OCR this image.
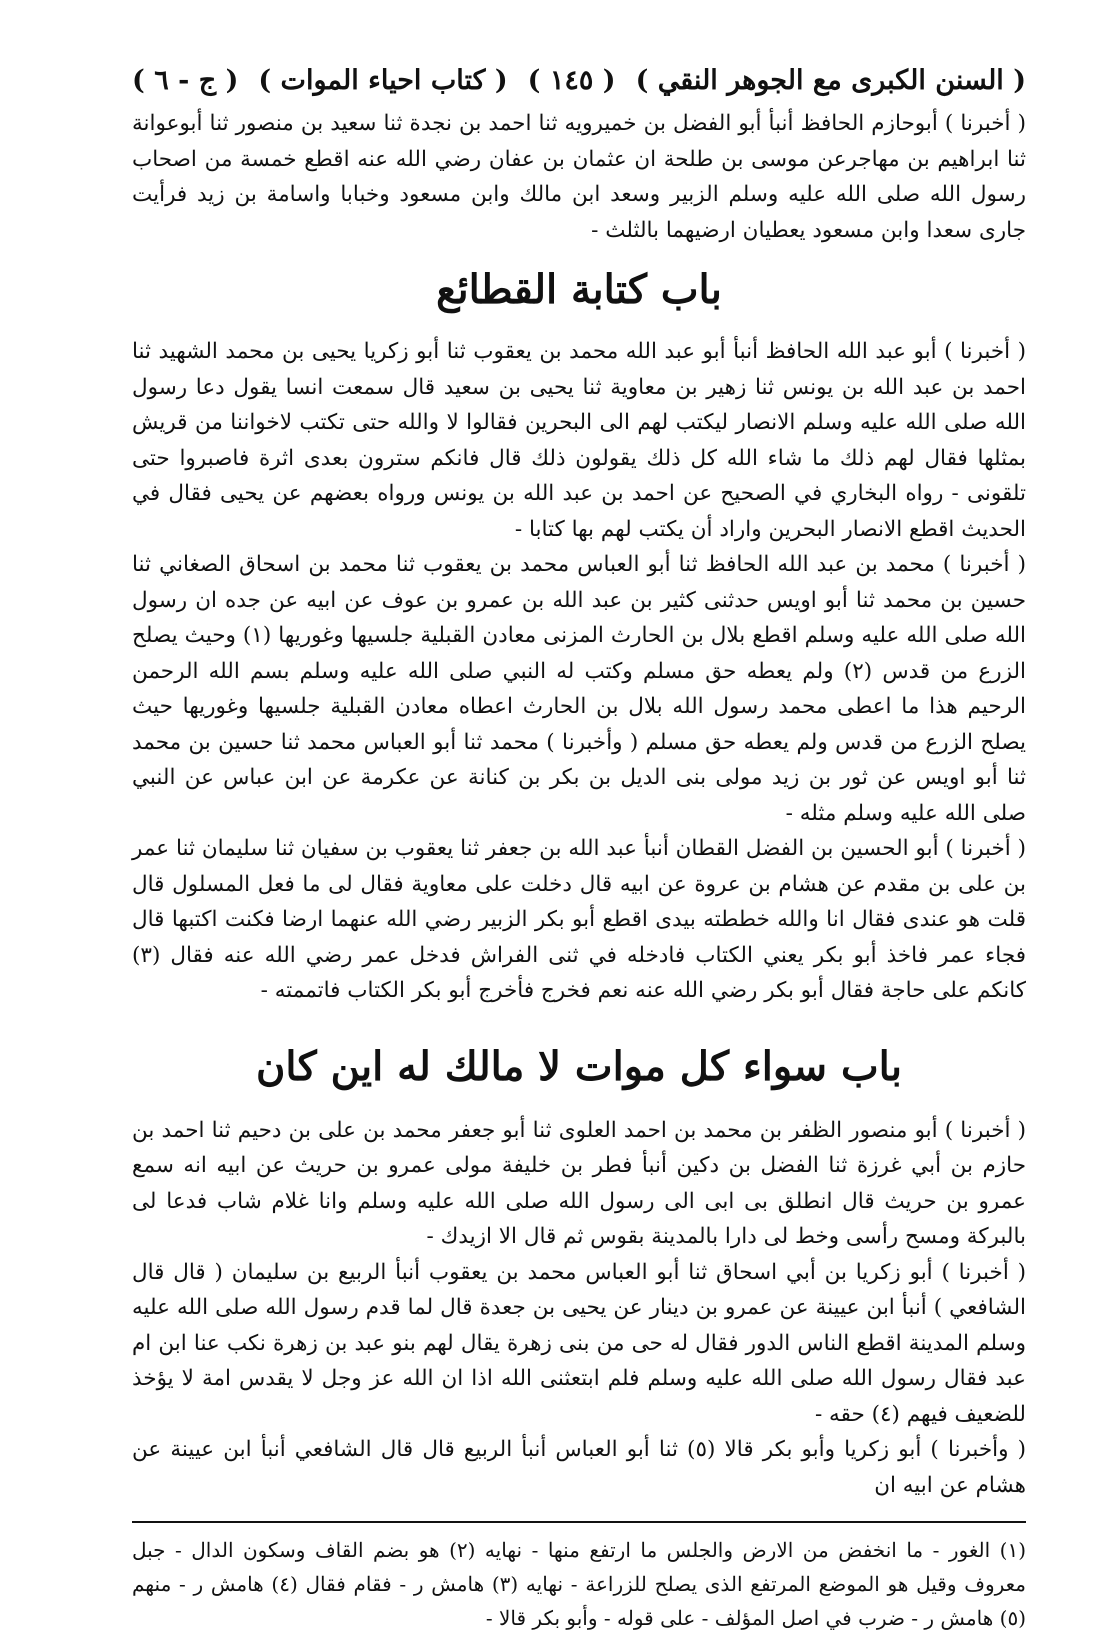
( السنن الكبرى مع الجوهر النقي )
( ١٤٥ )
( كتاب احياء الموات )
( ج - ٦ )

( أخبرنا ) أبوحازم الحافظ أنبأ أبو الفضل بن خميرويه ثنا احمد بن نجدة ثنا سعيد بن منصور ثنا أبوعوانة ثنا ابراهيم بن مهاجرعن موسى بن طلحة ان عثمان بن عفان رضي الله عنه اقطع خمسة من اصحاب رسول الله صلى الله عليه وسلم الزبير وسعد ابن مالك وابن مسعود وخبابا واسامة بن زيد فرأيت جارى سعدا وابن مسعود يعطيان ارضيهما بالثلث -

باب كتابة القطائع

( أخبرنا ) أبو عبد الله الحافظ أنبأ أبو عبد الله محمد بن يعقوب ثنا أبو زكريا يحيى بن محمد الشهيد ثنا احمد بن عبد الله بن يونس ثنا زهير بن معاوية ثنا يحيى بن سعيد قال سمعت انسا يقول دعا رسول الله صلى الله عليه وسلم الانصار ليكتب لهم الى البحرين فقالوا لا والله حتى تكتب لاخواننا من قريش بمثلها فقال لهم ذلك ما شاء الله كل ذلك يقولون ذلك قال فانكم سترون بعدى اثرة فاصبروا حتى تلقونى - رواه البخاري في الصحيح عن احمد بن عبد الله بن يونس ورواه بعضهم عن يحيى فقال في الحديث اقطع الانصار البحرين واراد أن يكتب لهم بها كتابا -

( أخبرنا ) محمد بن عبد الله الحافظ ثنا أبو العباس محمد بن يعقوب ثنا محمد بن اسحاق الصغاني ثنا حسين بن محمد ثنا أبو اويس حدثنى كثير بن عبد الله بن عمرو بن عوف عن ابيه عن جده ان رسول الله صلى الله عليه وسلم اقطع بلال بن الحارث المزنى معادن القبلية جلسيها وغوريها (١) وحيث يصلح الزرع من قدس (٢) ولم يعطه حق مسلم وكتب له النبي صلى الله عليه وسلم بسم الله الرحمن الرحيم هذا ما اعطى محمد رسول الله بلال بن الحارث اعطاه معادن القبلية جلسيها وغوريها حيث يصلح الزرع من قدس ولم يعطه حق مسلم ( وأخبرنا ) محمد ثنا أبو العباس محمد ثنا حسين بن محمد ثنا أبو اويس عن ثور بن زيد مولى بنى الديل بن بكر بن كنانة عن عكرمة عن ابن عباس عن النبي صلى الله عليه وسلم مثله -

( أخبرنا ) أبو الحسين بن الفضل القطان أنبأ عبد الله بن جعفر ثنا يعقوب بن سفيان ثنا سليمان ثنا عمر بن على بن مقدم عن هشام بن عروة عن ابيه قال دخلت على معاوية فقال لى ما فعل المسلول قال قلت هو عندى فقال انا والله خططته بيدى اقطع أبو بكر الزبير رضي الله عنهما ارضا فكنت اكتبها قال فجاء عمر فاخذ أبو بكر يعني الكتاب فادخله في ثنى الفراش فدخل عمر رضي الله عنه فقال (٣) كانكم على حاجة فقال أبو بكر رضي الله عنه نعم فخرج فأخرج أبو بكر الكتاب فاتممته -

باب سواء كل موات لا مالك له اين كان

( أخبرنا ) أبو منصور الظفر بن محمد بن احمد العلوى ثنا أبو جعفر محمد بن على بن دحيم ثنا احمد بن حازم بن أبي غرزة ثنا الفضل بن دكين أنبأ فطر بن خليفة مولى عمرو بن حريث عن ابيه انه سمع عمرو بن حريث قال انطلق بى ابى الى رسول الله صلى الله عليه وسلم وانا غلام شاب فدعا لى بالبركة ومسح رأسى وخط لى دارا بالمدينة بقوس ثم قال الا ازيدك -

( أخبرنا ) أبو زكريا بن أبي اسحاق ثنا أبو العباس محمد بن يعقوب أنبأ الربيع بن سليمان ( قال قال الشافعي ) أنبأ ابن عيينة عن عمرو بن دينار عن يحيى بن جعدة قال لما قدم رسول الله صلى الله عليه وسلم المدينة اقطع الناس الدور فقال له حى من بنى زهرة يقال لهم بنو عبد بن زهرة نكب عنا ابن ام عبد فقال رسول الله صلى الله عليه وسلم فلم ابتعثنى الله اذا ان الله عز وجل لا يقدس امة لا يؤخذ للضعيف فيهم (٤) حقه -

( وأخبرنا ) أبو زكريا وأبو بكر قالا (٥) ثنا أبو العباس أنبأ الربيع قال قال الشافعي أنبأ ابن عيينة عن هشام عن ابيه ان

(١) الغور - ما انخفض من الارض والجلس ما ارتفع منها - نهايه (٢) هو بضم القاف وسكون الدال - جبل معروف وقيل هو الموضع المرتفع الذى يصلح للزراعة - نهايه (٣) هامش ر - فقام فقال (٤) هامش ر - منهم (٥) هامش ر - ضرب في اصل المؤلف - على قوله - وأبو بكر قالا -
